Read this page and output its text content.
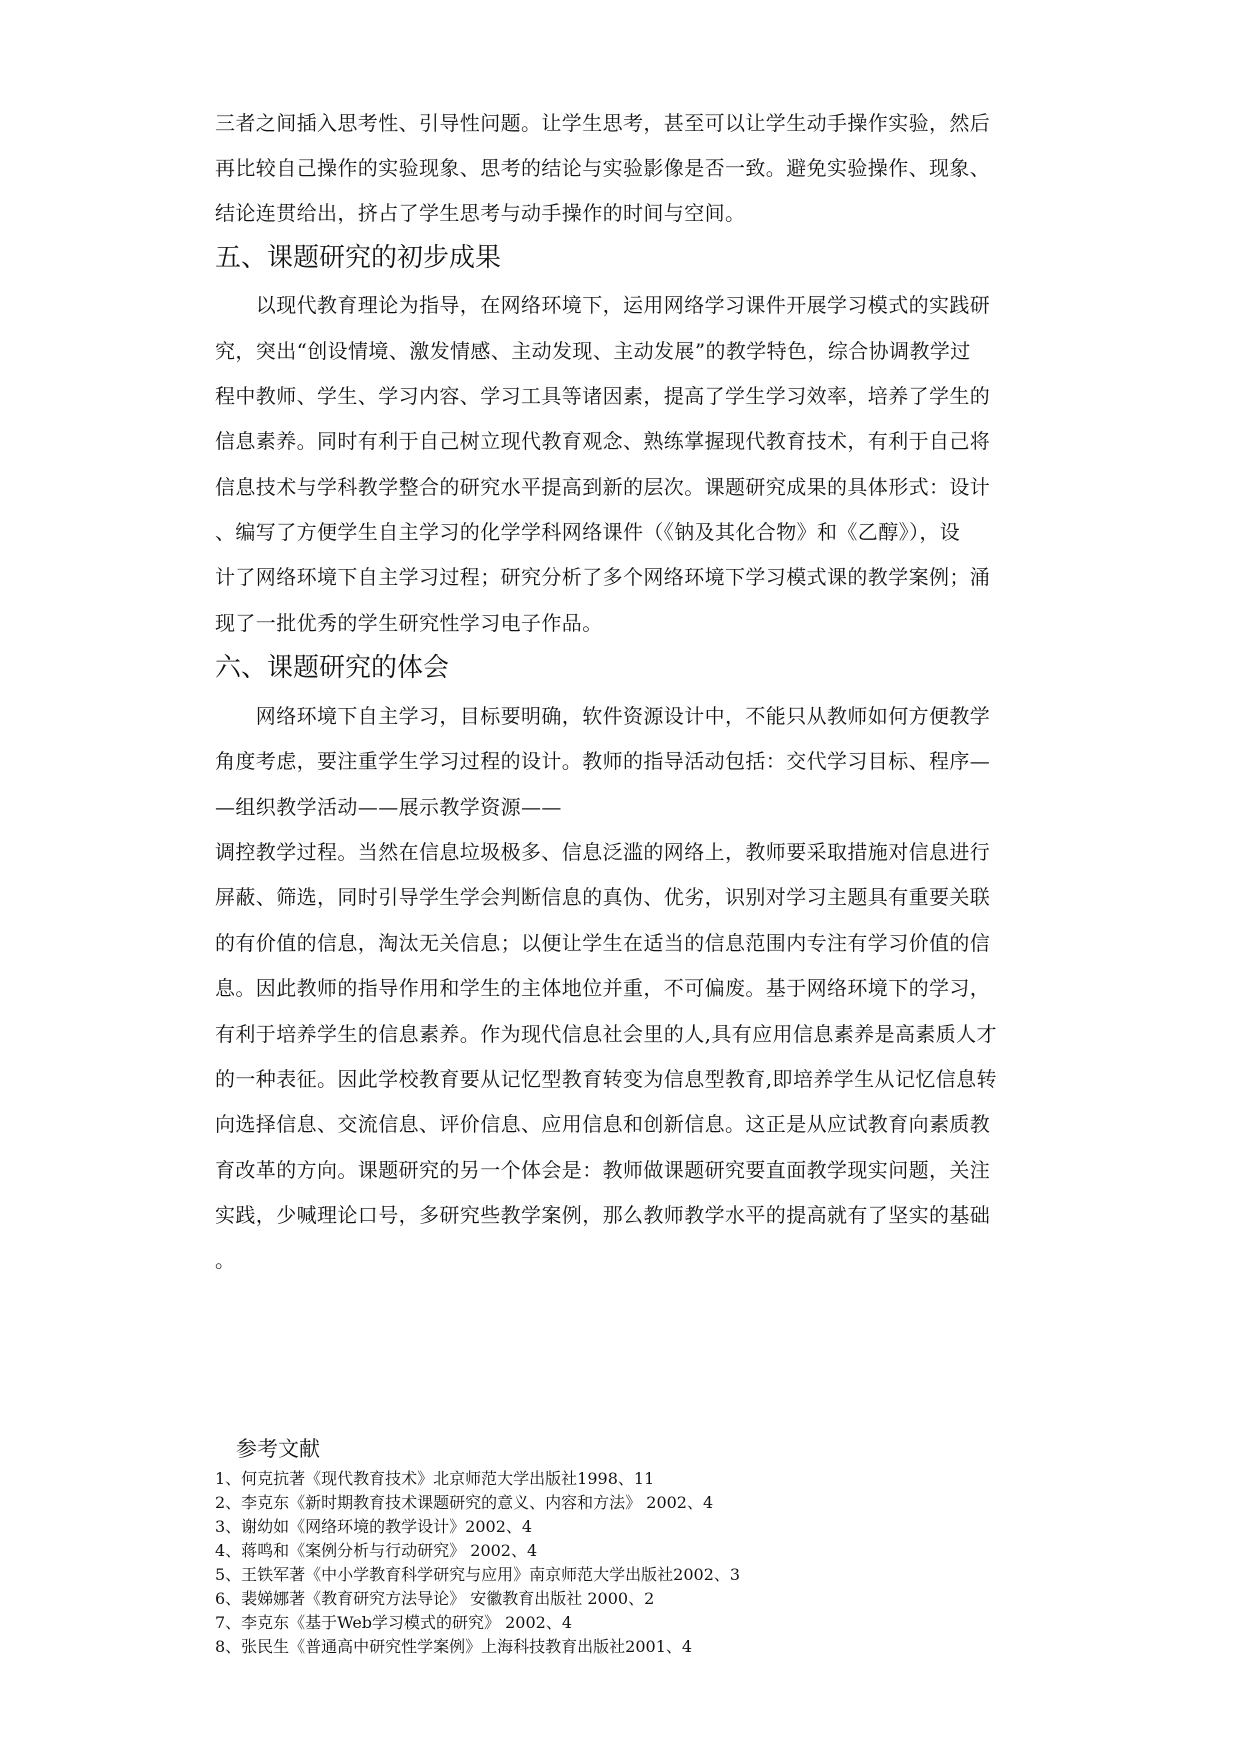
三者之间插入思考性、引导性问题。让学生思考，甚至可以让学生动手操作实验，然后
再比较自己操作的实验现象、思考的结论与实验影像是否一致。避免实验操作、现象、
结论连贯给出，挤占了学生思考与动手操作的时间与空间。
五、课题研究的初步成果
　　以现代教育理论为指导，在网络环境下，运用网络学习课件开展学习模式的实践研
究，突出“创设情境、激发情感、主动发现、主动发展”的教学特色，综合协调教学过
程中教师、学生、学习内容、学习工具等诸因素，提高了学生学习效率，培养了学生的
信息素养。同时有利于自己树立现代教育观念、熟练掌握现代教育技术，有利于自己将
信息技术与学科教学整合的研究水平提高到新的层次。课题研究成果的具体形式：设计
、编写了方便学生自主学习的化学学科网络课件（《钠及其化合物》和《乙醇》），设
计了网络环境下自主学习过程；研究分析了多个网络环境下学习模式课的教学案例；涌
现了一批优秀的学生研究性学习电子作品。
六、课题研究的体会
　　网络环境下自主学习，目标要明确，软件资源设计中，不能只从教师如何方便教学
角度考虑，要注重学生学习过程的设计。教师的指导活动包括：交代学习目标、程序—
—组织教学活动——展示教学资源——
调控教学过程。当然在信息垃圾极多、信息泛滥的网络上，教师要采取措施对信息进行
屏蔽、筛选，同时引导学生学会判断信息的真伪、优劣，识别对学习主题具有重要关联
的有价值的信息，淘汰无关信息；以便让学生在适当的信息范围内专注有学习价值的信
息。因此教师的指导作用和学生的主体地位并重，不可偏废。基于网络环境下的学习，
有利于培养学生的信息素养。作为现代信息社会里的人,具有应用信息素养是高素质人才
的一种表征。因此学校教育要从记忆型教育转变为信息型教育,即培养学生从记忆信息转
向选择信息、交流信息、评价信息、应用信息和创新信息。这正是从应试教育向素质教
育改革的方向。课题研究的另一个体会是：教师做课题研究要直面教学现实问题，关注
实践，少喊理论口号，多研究些教学案例，那么教师教学水平的提高就有了坚实的基础
。
参考文献
1、何克抗著《现代教育技术》北京师范大学出版社1998、11
2、李克东《新时期教育技术课题研究的意义、内容和方法》 2002、4
3、谢幼如《网络环境的教学设计》2002、4
4、蒋鸣和《案例分析与行动研究》 2002、4
5、王铁军著《中小学教育科学研究与应用》南京师范大学出版社2002、3
6、裴娣娜著《教育研究方法导论》 安徽教育出版社 2000、2
7、李克东《基于Web学习模式的研究》 2002、4
8、张民生《普通高中研究性学案例》上海科技教育出版社2001、4
